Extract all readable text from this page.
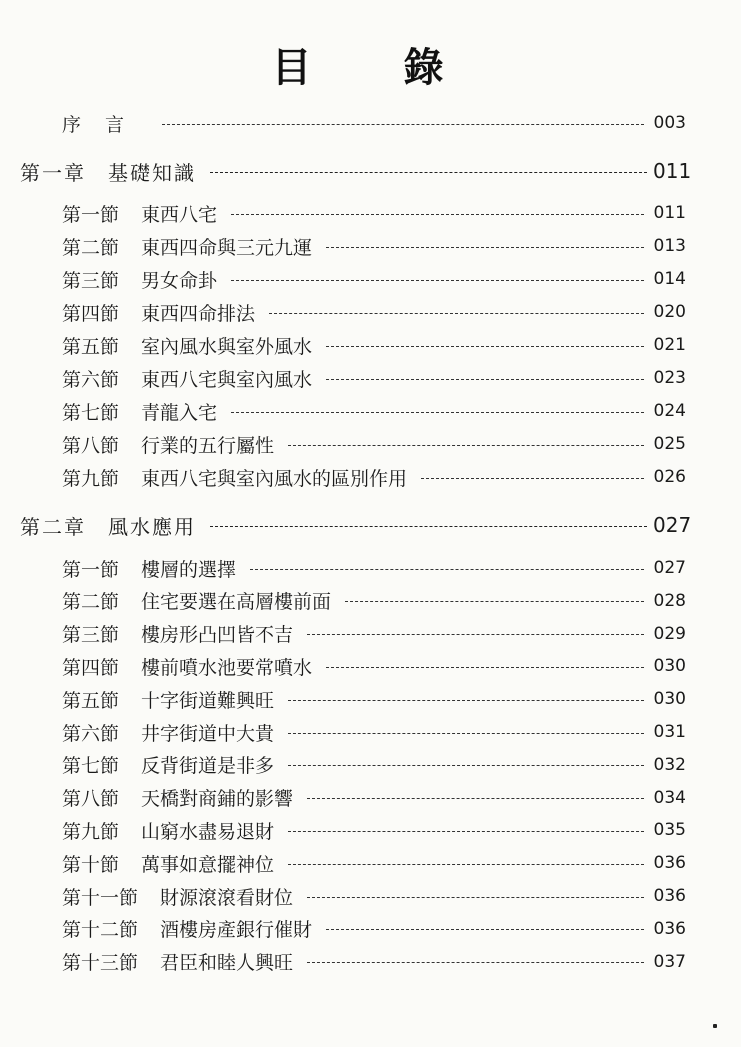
目　錄
序言	003
第一章 基礎知識	011
第一節 東西八宅	011
第二節 東西四命與三元九運	013
第三節 男女命卦	014
第四節 東西四命排法	020
第五節 室內風水與室外風水	021
第六節 東西八宅與室內風水	023
第七節 青龍入宅	024
第八節 行業的五行屬性	025
第九節 東西八宅與室內風水的區別作用	026
第二章 風水應用	027
第一節 樓層的選擇	027
第二節 住宅要選在高層樓前面	028
第三節 樓房形凸凹皆不吉	029
第四節 樓前噴水池要常噴水	030
第五節 十字街道難興旺	030
第六節 井字街道中大貴	031
第七節 反背街道是非多	032
第八節 天橋對商鋪的影響	034
第九節 山窮水盡易退財	035
第十節 萬事如意擺神位	036
第十一節 財源滾滾看財位	036
第十二節 酒樓房產銀行催財	036
第十三節 君臣和睦人興旺	037
